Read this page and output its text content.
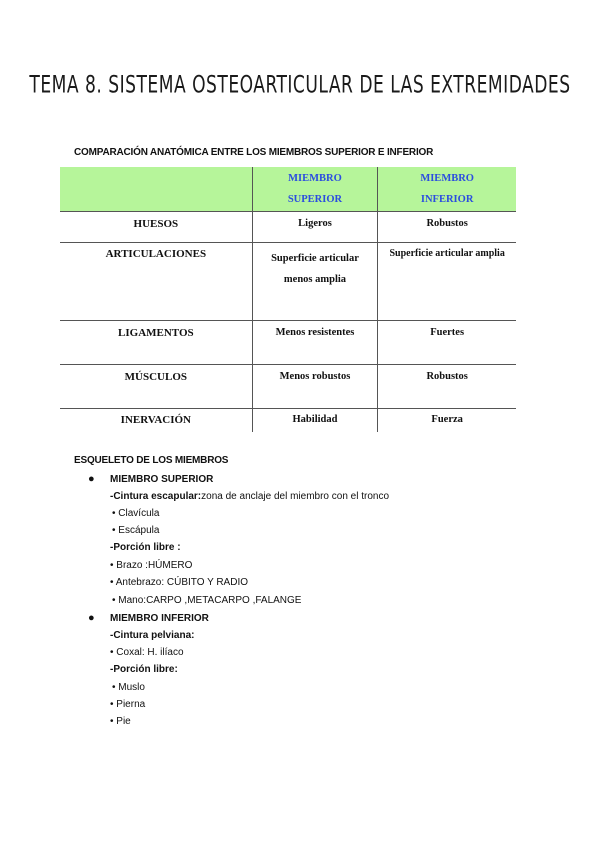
TEMA 8. SISTEMA OSTEOARTICULAR DE LAS EXTREMIDADES
COMPARACIÓN ANATÓMICA ENTRE LOS MIEMBROS SUPERIOR E INFERIOR
	MIEMBRO SUPERIOR	MIEMBRO INFERIOR
HUESOS	Ligeros	Robustos
ARTICULACIONES	Superficie articular menos amplia	Superficie articular amplia
LIGAMENTOS	Menos resistentes	Fuertes
MÚSCULOS	Menos robustos	Robustos
INERVACIÓN	Habilidad	Fuerza
ESQUELETO DE LOS MIEMBROS
● MIEMBRO SUPERIOR
-Cintura escapular:zona de anclaje del miembro con el tronco
• Clavícula
• Escápula
-Porción libre :
• Brazo :HÚMERO
• Antebrazo: CÚBITO Y RADIO
• Mano:CARPO ,METACARPO ,FALANGE
● MIEMBRO INFERIOR
-Cintura pelviana:
• Coxal: H. ilíaco
-Porción libre:
• Muslo
• Pierna
• Pie
